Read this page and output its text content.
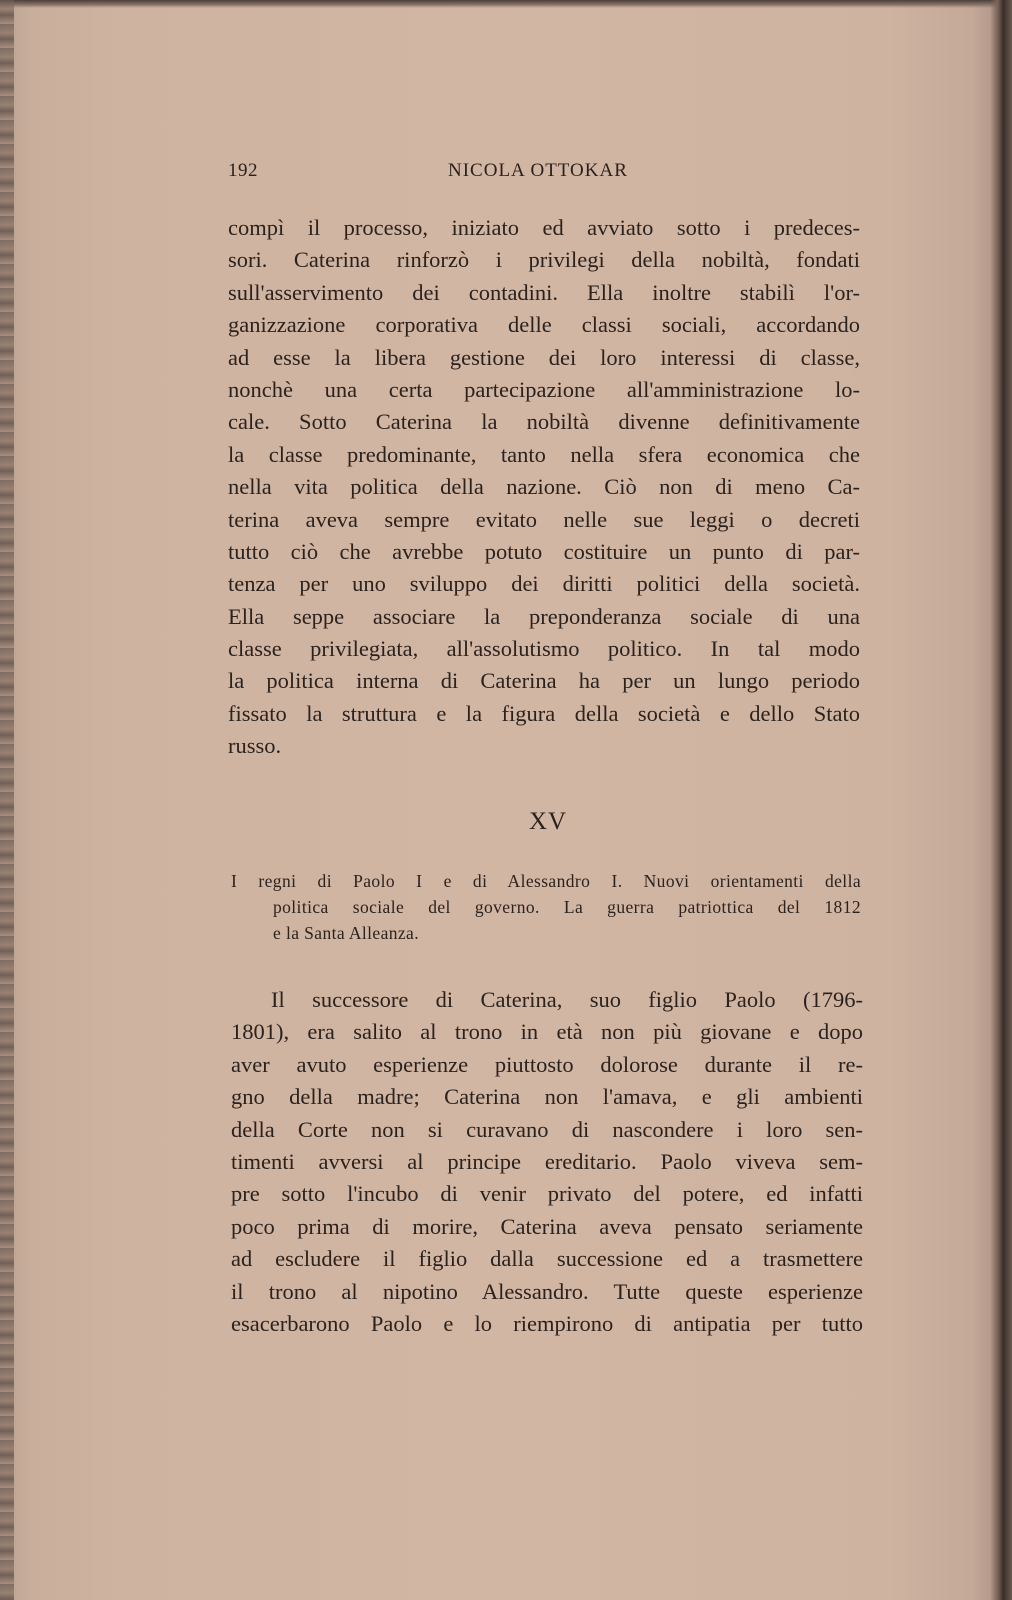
192	NICOLA OTTOKAR
compì il processo, iniziato ed avviato sotto i predeces-
sori. Caterina rinforzò i privilegi della nobiltà, fondati
sull'asservimento dei contadini. Ella inoltre stabilì l'or-
ganizzazione corporativa delle classi sociali, accordando
ad esse la libera gestione dei loro interessi di classe,
nonchè una certa partecipazione all'amministrazione lo-
cale. Sotto Caterina la nobiltà divenne definitivamente
la classe predominante, tanto nella sfera economica che
nella vita politica della nazione. Ciò non di meno Ca-
terina aveva sempre evitato nelle sue leggi o decreti
tutto ciò che avrebbe potuto costituire un punto di par-
tenza per uno sviluppo dei diritti politici della società.
Ella seppe associare la preponderanza sociale di una
classe privilegiata, all'assolutismo politico. In tal modo
la politica interna di Caterina ha per un lungo periodo
fissato la struttura e la figura della società e dello Stato
russo.
XV
I regni di Paolo I e di Alessandro I. Nuovi orientamenti della
politica sociale del governo. La guerra patriottica del 1812
e la Santa Alleanza.
Il successore di Caterina, suo figlio Paolo (1796-
1801), era salito al trono in età non più giovane e dopo
aver avuto esperienze piuttosto dolorose durante il re-
gno della madre; Caterina non l'amava, e gli ambienti
della Corte non si curavano di nascondere i loro sen-
timenti avversi al principe ereditario. Paolo viveva sem-
pre sotto l'incubo di venir privato del potere, ed infatti
poco prima di morire, Caterina aveva pensato seriamente
ad escludere il figlio dalla successione ed a trasmettere
il trono al nipotino Alessandro. Tutte queste esperienze
esacerbarono Paolo e lo riempirono di antipatia per tutto
